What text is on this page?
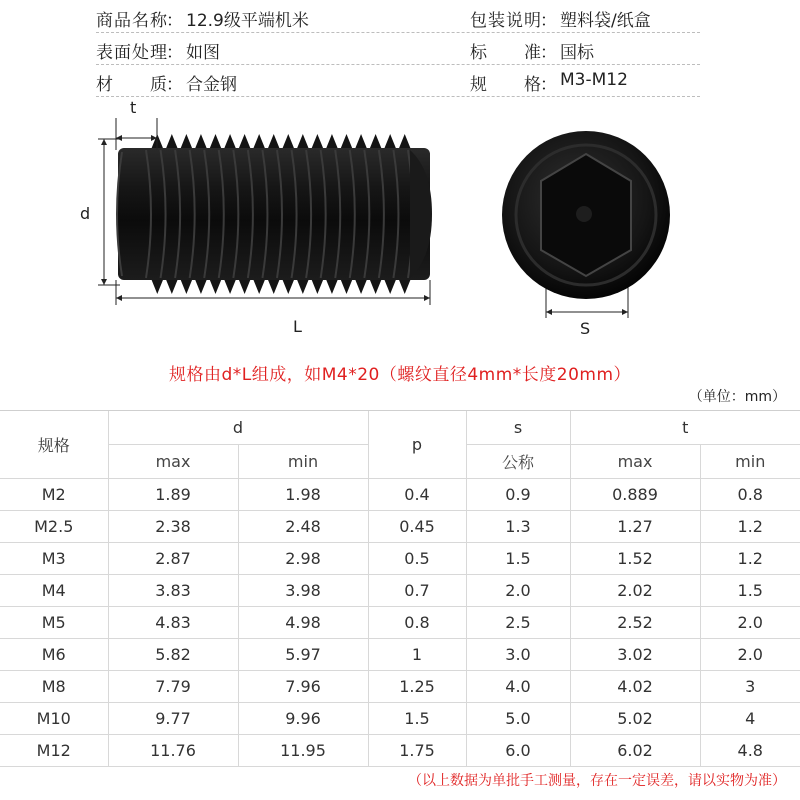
商品名称
： 12.9级平端机米	包装说明
： 塑料袋/纸盒
表面处理
： 如图	标　　准
： 国标
材　　质
： 合金钢	规　　格
： M3-M12
t
d
L	S
规格由d*L组成，如M4*20（螺纹直径4mm*长度20mm）
（单位：mm）
规格	d		p	s	t	
	max	min		公称	max	min
M2	1.89	1.98	0.4	0.9	0.889	0.8
M2.5	2.38	2.48	0.45	1.3	1.27	1.2
M3	2.87	2.98	0.5	1.5	1.52	1.2
M4	3.83	3.98	0.7	2.0	2.02	1.5
M5	4.83	4.98	0.8	2.5	2.52	2.0
M6	5.82	5.97	1	3.0	3.02	2.0
M8	7.79	7.96	1.25	4.0	4.02	3
M10	9.77	9.96	1.5	5.0	5.02	4
M12	11.76	11.95	1.75	6.0	6.02	4.8
（以上数据为单批手工测量，存在一定误差，请以实物为准）
